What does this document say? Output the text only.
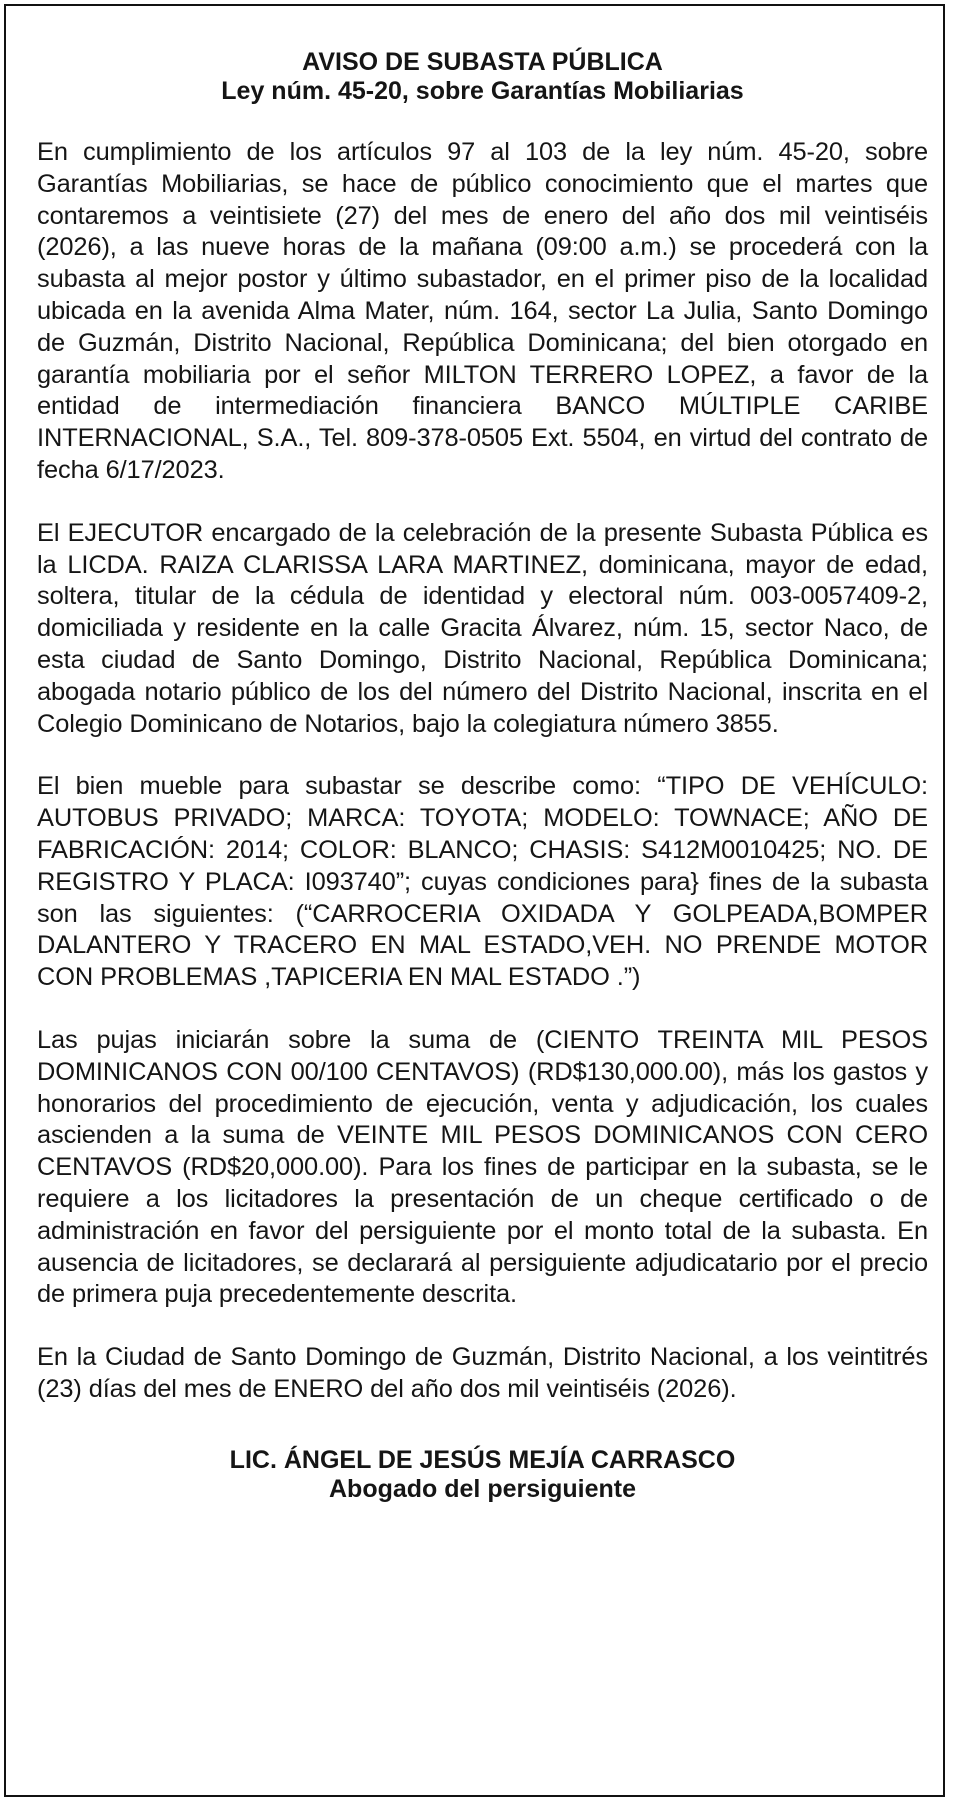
AVISO DE SUBASTA PÚBLICA
Ley núm. 45-20, sobre Garantías Mobiliarias

En cumplimiento de los artículos 97 al 103 de la ley núm. 45-20, sobre Garantías Mobiliarias, se hace de público conocimiento que el martes que contaremos a veintisiete (27) del mes de enero del año dos mil veintiséis (2026), a las nueve horas de la mañana (09:00 a.m.) se procederá con la subasta al mejor postor y último subastador, en el primer piso de la localidad ubicada en la avenida Alma Mater, núm. 164, sector La Julia, Santo Domingo de Guzmán, Distrito Nacional, República Dominicana; del bien otorgado en garantía mobiliaria por el señor MILTON TERRERO LOPEZ, a favor de la entidad de intermediación financiera BANCO MÚLTIPLE CARIBE INTERNACIONAL, S.A., Tel. 809-378-0505 Ext. 5504, en virtud del contrato de fecha 6/17/2023.

El EJECUTOR encargado de la celebración de la presente Subasta Pública es la LICDA. RAIZA CLARISSA LARA MARTINEZ, dominicana, mayor de edad, soltera, titular de la cédula de identidad y electoral núm. 003-0057409-2, domiciliada y residente en la calle Gracita Álvarez, núm. 15, sector Naco, de esta ciudad de Santo Domingo, Distrito Nacional, República Dominicana; abogada notario público de los del número del Distrito Nacional, inscrita en el Colegio Dominicano de Notarios, bajo la colegiatura número 3855.

El bien mueble para subastar se describe como: “TIPO DE VEHÍCULO: AUTOBUS PRIVADO; MARCA: TOYOTA; MODELO: TOWNACE; AÑO DE FABRICACIÓN: 2014; COLOR: BLANCO; CHASIS: S412M0010425; NO. DE REGISTRO Y PLACA: I093740”; cuyas condiciones para} fines de la subasta son las siguientes: (“CARROCERIA OXIDADA Y GOLPEADA,BOMPER DALANTERO Y TRACERO EN MAL ESTADO,VEH. NO PRENDE MOTOR CON PROBLEMAS ,TAPICERIA EN MAL ESTADO .”)

Las pujas iniciarán sobre la suma de (CIENTO TREINTA MIL PESOS DOMINICANOS CON 00/100 CENTAVOS) (RD$130,000.00), más los gastos y honorarios del procedimiento de ejecución, venta y adjudicación, los cuales ascienden a la suma de VEINTE MIL PESOS DOMINICANOS CON CERO CENTAVOS (RD$20,000.00). Para los fines de participar en la subasta, se le requiere a los licitadores la presentación de un cheque certificado o de administración en favor del persiguiente por el monto total de la subasta. En ausencia de licitadores, se declarará al persiguiente adjudicatario por el precio de primera puja precedentemente descrita.

En la Ciudad de Santo Domingo de Guzmán, Distrito Nacional, a los veintitrés (23) días del mes de ENERO del año dos mil veintiséis (2026).

LIC. ÁNGEL DE JESÚS MEJÍA CARRASCO
Abogado del persiguiente
